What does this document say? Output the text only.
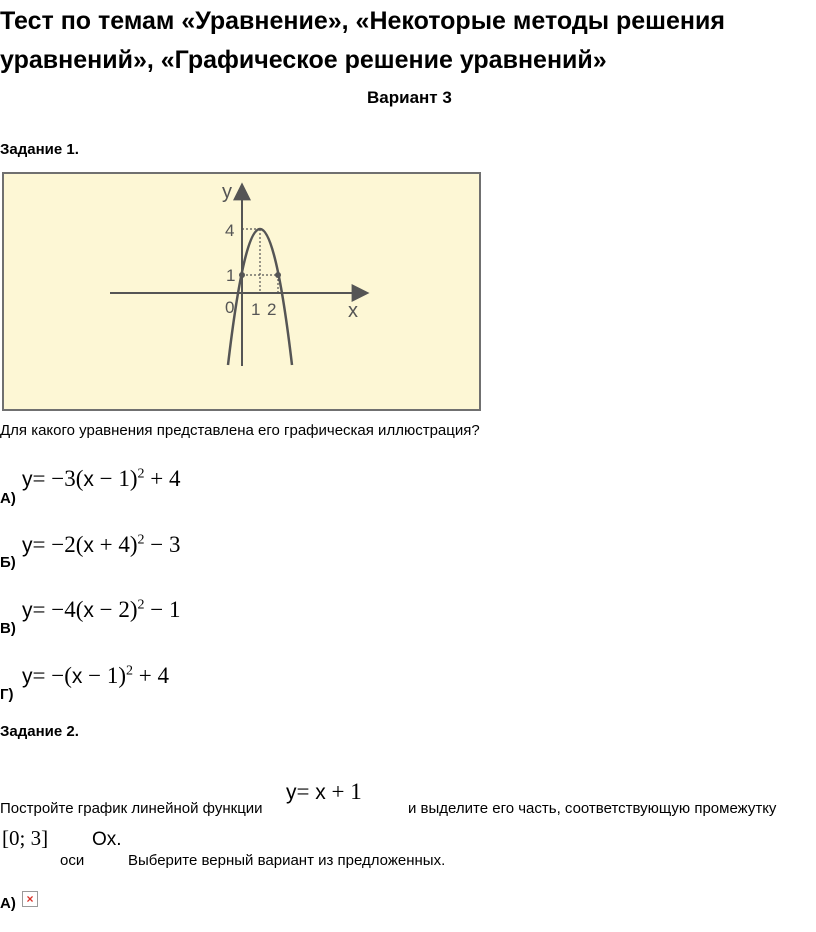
Тест по темам «Уравнение», «Некоторые методы решения уравнений», «Графическое решение уравнений»
Вариант 3
Задание 1.
y
x
0
4
1
1 2
Для какого уравнения представлена его графическая иллюстрация?
А)
$y= -3(x - 1)^2 + 4$
Б)
$y= -2(x + 4)^2 - 3$
В)
$y= -4(x - 2)^2 - 1$
Г)
$y= -(x - 1)^2 + 4$
Задание 2.
Постройте график линейной функции
y= x + 1
и выделите его часть, соответствующую промежутку
[0; 3]
оси
Ox.
Выберите верный вариант из предложенных.
А) ×
